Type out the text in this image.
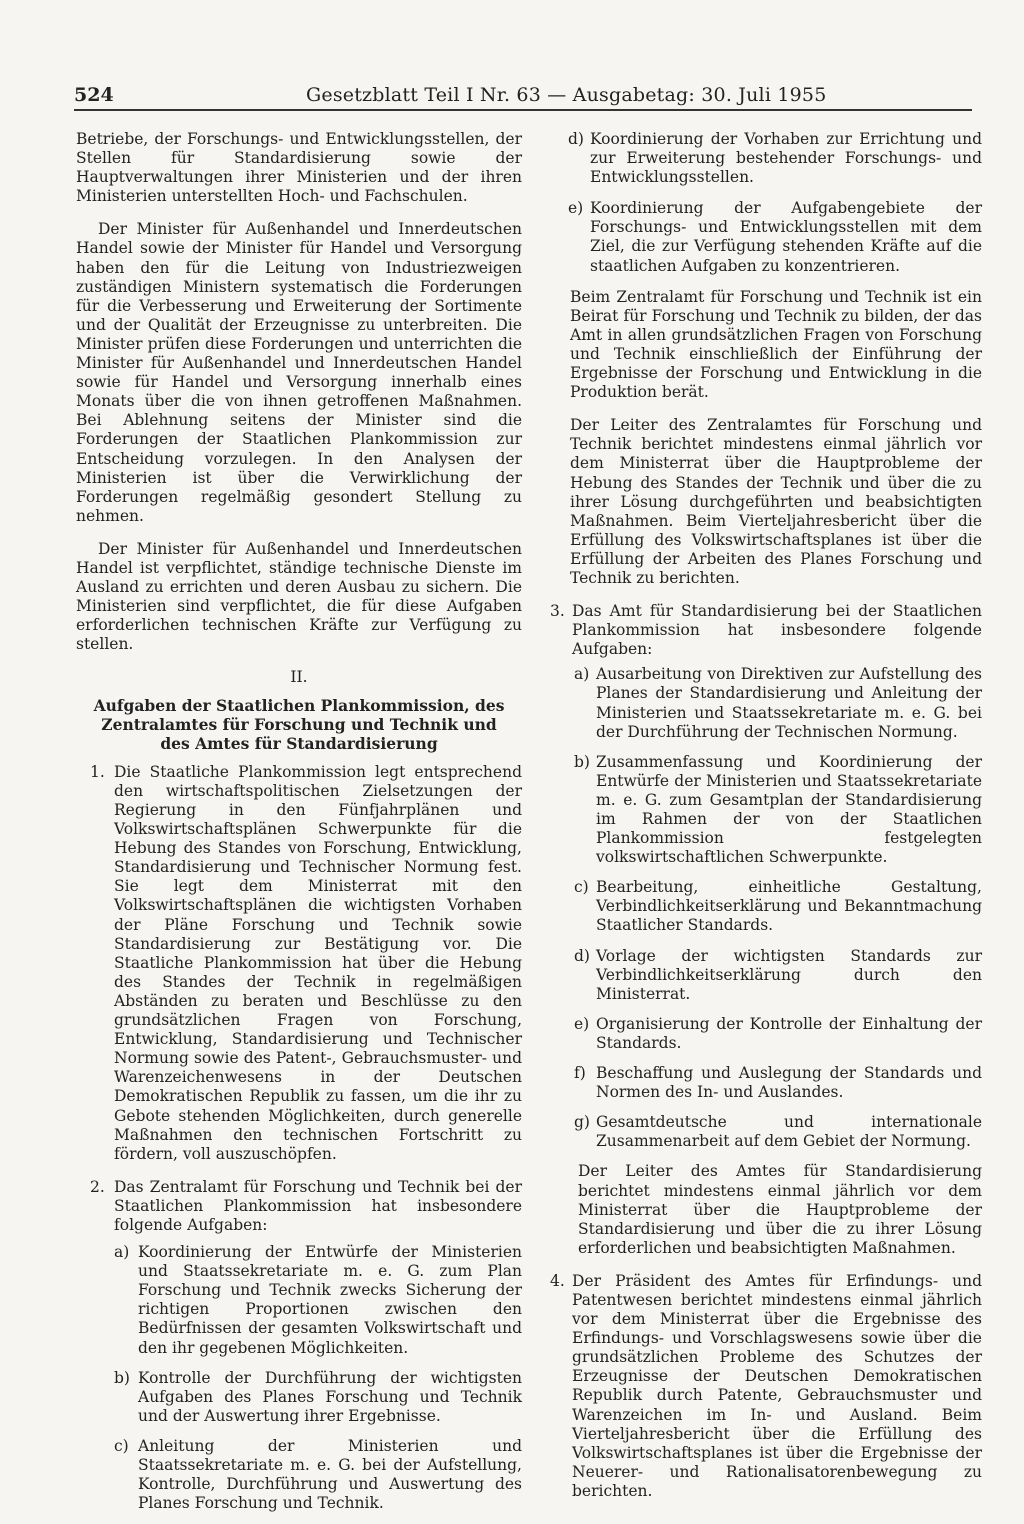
524	Gesetzblatt Teil I Nr. 63 — Ausgabetag: 30. Juli 1955

Betriebe, der Forschungs- und Entwicklungsstellen, der Stellen für Standardisierung sowie der Hauptverwaltungen ihrer Ministerien und der ihren Ministerien unterstellten Hoch- und Fachschulen.

Der Minister für Außenhandel und Innerdeutschen Handel sowie der Minister für Handel und Versorgung haben den für die Leitung von Industriezweigen zuständigen Ministern systematisch die Forderungen für die Verbesserung und Erweiterung der Sortimente und der Qualität der Erzeugnisse zu unterbreiten. Die Minister prüfen diese Forderungen und unterrichten die Minister für Außenhandel und Innerdeutschen Handel sowie für Handel und Versorgung innerhalb eines Monats über die von ihnen getroffenen Maßnahmen. Bei Ablehnung seitens der Minister sind die Forderungen der Staatlichen Plankommission zur Entscheidung vorzulegen. In den Analysen der Ministerien ist über die Verwirklichung der Forderungen regelmäßig gesondert Stellung zu nehmen.

Der Minister für Außenhandel und Innerdeutschen Handel ist verpflichtet, ständige technische Dienste im Ausland zu errichten und deren Ausbau zu sichern. Die Ministerien sind verpflichtet, die für diese Aufgaben erforderlichen technischen Kräfte zur Verfügung zu stellen.

II.

Aufgaben der Staatlichen Plankommission, des Zentralamtes für Forschung und Technik und des Amtes für Standardisierung

1. Die Staatliche Plankommission legt entsprechend den wirtschaftspolitischen Zielsetzungen der Regierung in den Fünfjahrplänen und Volkswirtschaftsplänen Schwerpunkte für die Hebung des Standes von Forschung, Entwicklung, Standardisierung und Technischer Normung fest. Sie legt dem Ministerrat mit den Volkswirtschaftsplänen die wichtigsten Vorhaben der Pläne Forschung und Technik sowie Standardisierung zur Bestätigung vor. Die Staatliche Plankommission hat über die Hebung des Standes der Technik in regelmäßigen Abständen zu beraten und Beschlüsse zu den grundsätzlichen Fragen von Forschung, Entwicklung, Standardisierung und Technischer Normung sowie des Patent-, Gebrauchsmuster- und Warenzeichenwesens in der Deutschen Demokratischen Republik zu fassen, um die ihr zu Gebote stehenden Möglichkeiten, durch generelle Maßnahmen den technischen Fortschritt zu fördern, voll auszuschöpfen.
2. Das Zentralamt für Forschung und Technik bei der Staatlichen Plankommission hat insbesondere folgende Aufgaben:
a) Koordinierung der Entwürfe der Ministerien und Staatssekretariate m. e. G. zum Plan Forschung und Technik zwecks Sicherung der richtigen Proportionen zwischen den Bedürfnissen der gesamten Volkswirtschaft und den ihr gegebenen Möglichkeiten.
b) Kontrolle der Durchführung der wichtigsten Aufgaben des Planes Forschung und Technik und der Auswertung ihrer Ergebnisse.
c) Anleitung der Ministerien und Staatssekretariate m. e. G. bei der Aufstellung, Kontrolle, Durchführung und Auswertung des Planes Forschung und Technik.
d) Koordinierung der Vorhaben zur Errichtung und zur Erweiterung bestehender Forschungs- und Entwicklungsstellen.
e) Koordinierung der Aufgabengebiete der Forschungs- und Entwicklungsstellen mit dem Ziel, die zur Verfügung stehenden Kräfte auf die staatlichen Aufgaben zu konzentrieren.

Beim Zentralamt für Forschung und Technik ist ein Beirat für Forschung und Technik zu bilden, der das Amt in allen grundsätzlichen Fragen von Forschung und Technik einschließlich der Einführung der Ergebnisse der Forschung und Entwicklung in die Produktion berät.

Der Leiter des Zentralamtes für Forschung und Technik berichtet mindestens einmal jährlich vor dem Ministerrat über die Hauptprobleme der Hebung des Standes der Technik und über die zu ihrer Lösung durchgeführten und beabsichtigten Maßnahmen. Beim Vierteljahresbericht über die Erfüllung des Volkswirtschaftsplanes ist über die Erfüllung der Arbeiten des Planes Forschung und Technik zu berichten.

3. Das Amt für Standardisierung bei der Staatlichen Plankommission hat insbesondere folgende Aufgaben:
a) Ausarbeitung von Direktiven zur Aufstellung des Planes der Standardisierung und Anleitung der Ministerien und Staatssekretariate m. e. G. bei der Durchführung der Technischen Normung.
b) Zusammenfassung und Koordinierung der Entwürfe der Ministerien und Staatssekretariate m. e. G. zum Gesamtplan der Standardisierung im Rahmen der von der Staatlichen Plankommission festgelegten volkswirtschaftlichen Schwerpunkte.
c) Bearbeitung, einheitliche Gestaltung, Verbindlichkeitserklärung und Bekanntmachung Staatlicher Standards.
d) Vorlage der wichtigsten Standards zur Verbindlichkeitserklärung durch den Ministerrat.
e) Organisierung der Kontrolle der Einhaltung der Standards.
f) Beschaffung und Auslegung der Standards und Normen des In- und Auslandes.
g) Gesamtdeutsche und internationale Zusammenarbeit auf dem Gebiet der Normung.

Der Leiter des Amtes für Standardisierung berichtet mindestens einmal jährlich vor dem Ministerrat über die Hauptprobleme der Standardisierung und über die zu ihrer Lösung erforderlichen und beabsichtigten Maßnahmen.

4. Der Präsident des Amtes für Erfindungs- und Patentwesen berichtet mindestens einmal jährlich vor dem Ministerrat über die Ergebnisse des Erfindungs- und Vorschlagswesens sowie über die grundsätzlichen Probleme des Schutzes der Erzeugnisse der Deutschen Demokratischen Republik durch Patente, Gebrauchsmuster und Warenzeichen im In- und Ausland. Beim Vierteljahresbericht über die Erfüllung des Volkswirtschaftsplanes ist über die Ergebnisse der Neuerer- und Rationalisatorenbewegung zu berichten.
